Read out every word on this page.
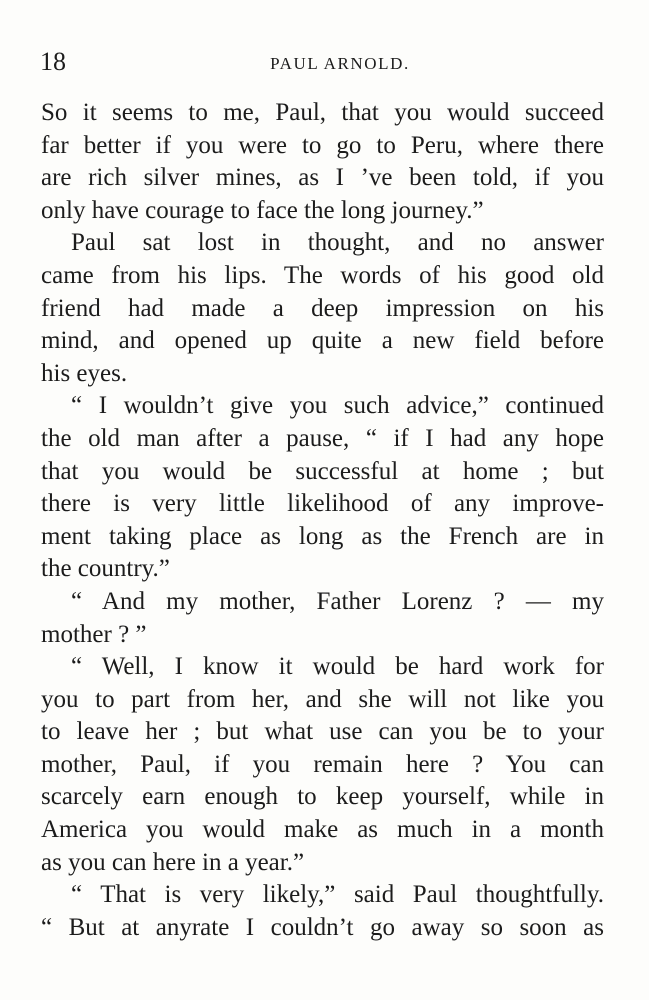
18	PAUL ARNOLD.
So it seems to me, Paul, that you would succeed
far better if you were to go to Peru, where there
are rich silver mines, as I ’ve been told, if you
only have courage to face the long journey.”
Paul sat lost in thought, and no answer
came from his lips. The words of his good old
friend had made a deep impression on his
mind, and opened up quite a new field before
his eyes.
“ I wouldn’t give you such advice,” continued
the old man after a pause, “ if I had any hope
that you would be successful at home ; but
there is very little likelihood of any improve-
ment taking place as long as the French are in
the country.”
“ And my mother, Father Lorenz ? — my
mother ? ”
“ Well, I know it would be hard work for
you to part from her, and she will not like you
to leave her ; but what use can you be to your
mother, Paul, if you remain here ? You can
scarcely earn enough to keep yourself, while in
America you would make as much in a month
as you can here in a year.”
“ That is very likely,” said Paul thoughtfully.
“ But at anyrate I couldn’t go away so soon as
